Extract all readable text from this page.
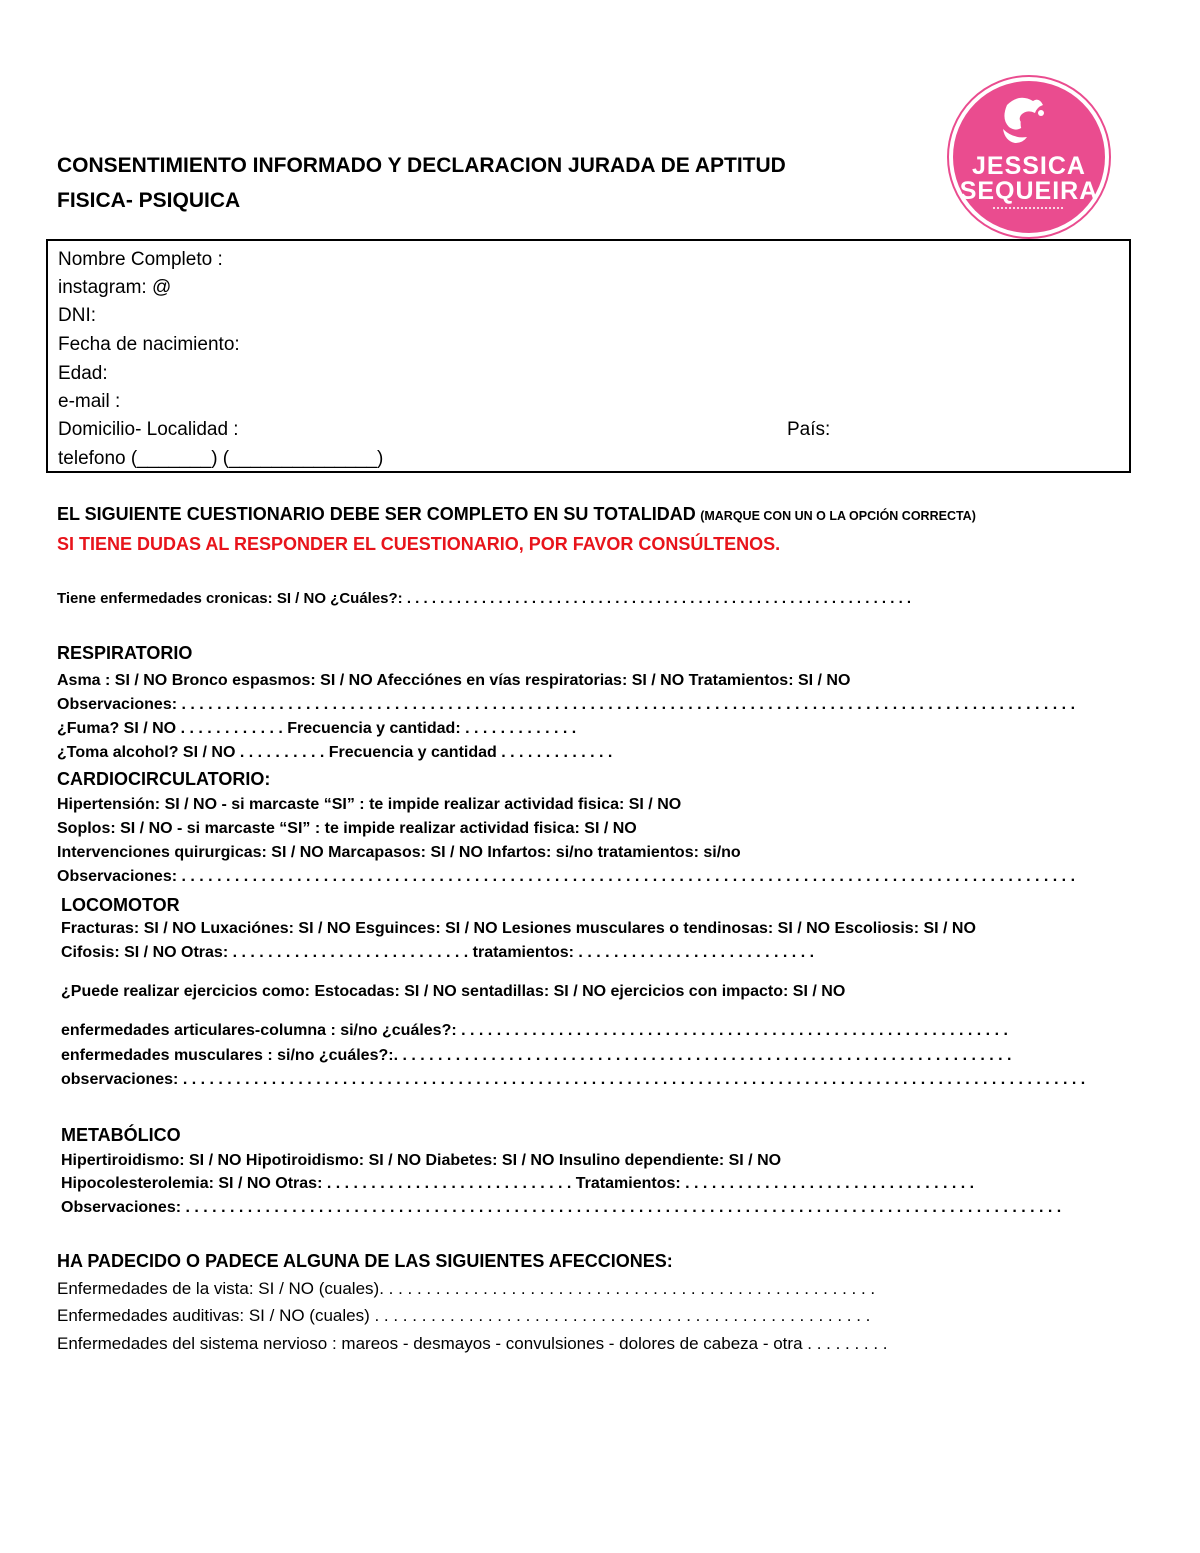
CONSENTIMIENTO INFORMADO Y DECLARACION JURADA DE APTITUD
FISICA- PSIQUICA
JESSICA
SEQUEIRA
Nombre Completo :
instagram: @
DNI:
Fecha de nacimiento:
Edad:
e-mail :
Domicilio- Localidad :	País:
telefono (_______) (______________)
EL SIGUIENTE CUESTIONARIO DEBE SER COMPLETO EN SU TOTALIDAD (MARQUE CON UN O LA OPCIÓN CORRECTA)
SI TIENE DUDAS AL RESPONDER EL CUESTIONARIO, POR FAVOR CONSÚLTENOS.
Tiene enfermedades cronicas: SI / NO ¿Cuáles?: . . . . . . . . . . . . . . . . . . . . . . . . . . . . . . . . . . . . . . . . . . . . . . . . . . . . . . . . . . . . .
RESPIRATORIO
Asma : SI / NO Bronco espasmos: SI / NO Afecciónes en vías respiratorias: SI / NO Tratamientos: SI / NO
Observaciones: . . . . . . . . . . . . . . . . . . . . . . . . . . . . . . . . . . . . . . . . . . . . . . . . . . . . . . . . . . . . . . . . . . . . . . . . . . . . . . . . . . . . . . . . . . . . . . . . . . . . .
¿Fuma? SI / NO . . . . . . . . . . . . Frecuencia y cantidad: . . . . . . . . . . . . .
¿Toma alcohol? SI / NO . . . . . . . . . . Frecuencia y cantidad . . . . . . . . . . . . .
CARDIOCIRCULATORIO:
Hipertensión: SI / NO - si marcaste “SI” : te impide realizar actividad fisica: SI / NO
Soplos: SI / NO - si marcaste “SI” : te impide realizar actividad fisica: SI / NO
Intervenciones quirurgicas: SI / NO Marcapasos: SI / NO Infartos: si/no tratamientos: si/no
Observaciones: . . . . . . . . . . . . . . . . . . . . . . . . . . . . . . . . . . . . . . . . . . . . . . . . . . . . . . . . . . . . . . . . . . . . . . . . . . . . . . . . . . . . . . . . . . . . . . . . . . . . .
LOCOMOTOR
Fracturas: SI / NO Luxaciónes: SI / NO Esguinces: SI / NO Lesiones musculares o tendinosas: SI / NO Escoliosis: SI / NO
Cifosis: SI / NO Otras: . . . . . . . . . . . . . . . . . . . . . . . . . . . tratamientos: . . . . . . . . . . . . . . . . . . . . . . . . . . .
¿Puede realizar ejercicios como: Estocadas: SI / NO sentadillas: SI / NO ejercicios con impacto: SI / NO
enfermedades articulares-columna : si/no ¿cuáles?: . . . . . . . . . . . . . . . . . . . . . . . . . . . . . . . . . . . . . . . . . . . . . . . . . . . . . . . . . . . . . .
enfermedades musculares : si/no ¿cuáles?:. . . . . . . . . . . . . . . . . . . . . . . . . . . . . . . . . . . . . . . . . . . . . . . . . . . . . . . . . . . . . . . . . . . . . .
observaciones: . . . . . . . . . . . . . . . . . . . . . . . . . . . . . . . . . . . . . . . . . . . . . . . . . . . . . . . . . . . . . . . . . . . . . . . . . . . . . . . . . . . . . . . . . . . . . . . . . . . . . .
METABÓLICO
Hipertiroidismo: SI / NO Hipotiroidismo: SI / NO Diabetes: SI / NO Insulino dependiente: SI / NO
Hipocolesterolemia: SI / NO Otras: . . . . . . . . . . . . . . . . . . . . . . . . . . . . Tratamientos: . . . . . . . . . . . . . . . . . . . . . . . . . . . . . . . . .
Observaciones: . . . . . . . . . . . . . . . . . . . . . . . . . . . . . . . . . . . . . . . . . . . . . . . . . . . . . . . . . . . . . . . . . . . . . . . . . . . . . . . . . . . . . . . . . . . . . . . . . . .
HA PADECIDO O PADECE ALGUNA DE LAS SIGUIENTES AFECCIONES:
Enfermedades de la vista: SI / NO (cuales). . . . . . . . . . . . . . . . . . . . . . . . . . . . . . . . . . . . . . . . . . . . . . . . . . . . .
Enfermedades auditivas: SI / NO (cuales) . . . . . . . . . . . . . . . . . . . . . . . . . . . . . . . . . . . . . . . . . . . . . . . . . . . . .
Enfermedades del sistema nervioso : mareos - desmayos - convulsiones - dolores de cabeza - otra . . . . . . . . .
